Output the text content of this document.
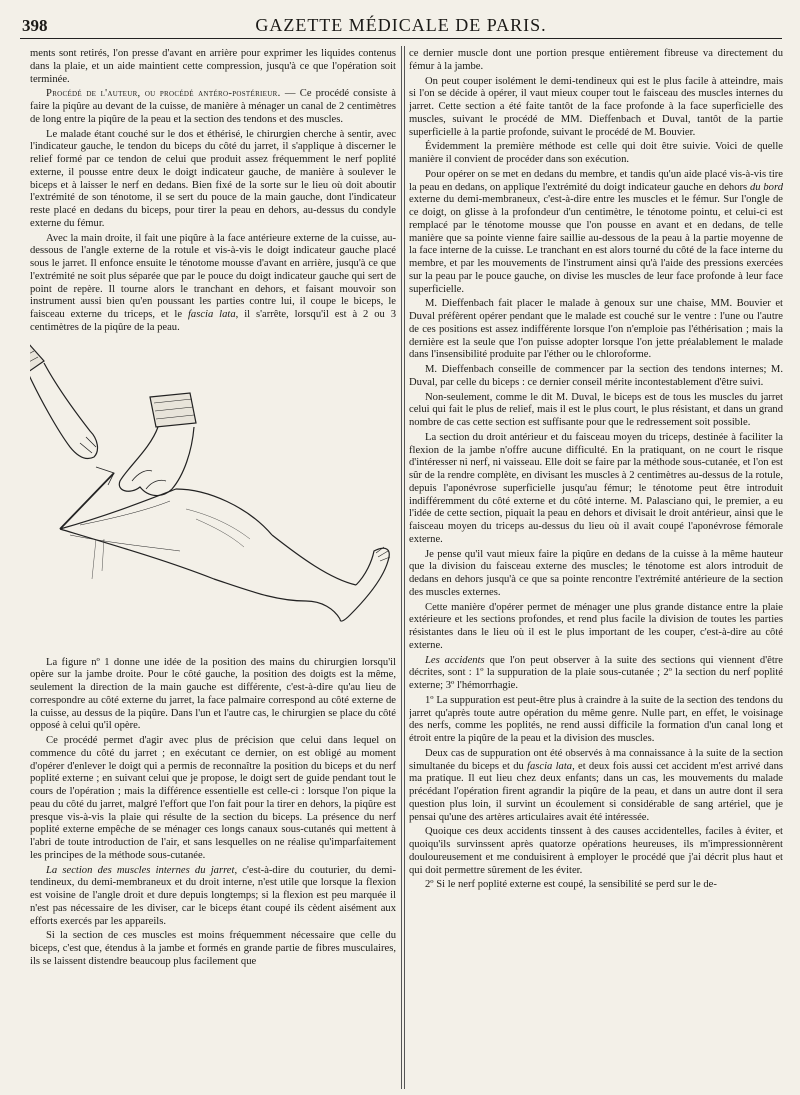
398	GAZETTE MÉDICALE DE PARIS.

ments sont retirés, l'on presse d'avant en arrière pour exprimer les liquides contenus dans la plaie, et un aide maintient cette compression, jusqu'à ce que l'opération soit terminée.

Procédé de l'auteur, ou procédé antéro-postérieur. — Ce procédé consiste à faire la piqûre au devant de la cuisse, de manière à ménager un canal de 2 centimètres de long entre la piqûre de la peau et la section des tendons et des muscles.

Le malade étant couché sur le dos et éthérisé, le chirurgien cherche à sentir, avec l'indicateur gauche, le tendon du biceps du côté du jarret, il s'applique à discerner le relief formé par ce tendon de celui que produit assez fréquemment le nerf poplité externe, il pousse entre deux le doigt indicateur gauche, de manière à soulever le biceps et à laisser le nerf en dedans. Bien fixé de la sorte sur le lieu où doit aboutir l'extrémité de son ténotome, il se sert du pouce de la main gauche, dont l'indicateur reste placé en dedans du biceps, pour tirer la peau en dehors, au-dessus du condyle externe du fémur.

Avec la main droite, il fait une piqûre à la face antérieure externe de la cuisse, au-dessous de l'angle externe de la rotule et vis-à-vis le doigt indicateur gauche placé sous le jarret. Il enfonce ensuite le ténotome mousse d'avant en arrière, jusqu'à ce que l'extrémité ne soit plus séparée que par le pouce du doigt indicateur gauche qui sert de point de repère. Il tourne alors le tranchant en dehors, et faisant mouvoir son instrument aussi bien qu'en poussant les parties contre lui, il coupe le biceps, le faisceau externe du triceps, et le fascia lata, il s'arrête, lorsqu'il est à 2 ou 3 centimètres de la piqûre de la peau.

La figure nº 1 donne une idée de la position des mains du chirurgien lorsqu'il opère sur la jambe droite. Pour le côté gauche, la position des doigts est la même, seulement la direction de la main gauche est différente, c'est-à-dire qu'au lieu de correspondre au côté externe du jarret, la face palmaire correspond au côté externe de la cuisse, au dessus de la piqûre. Dans l'un et l'autre cas, le chirurgien se place du côté opposé à celui qu'il opère.

Ce procédé permet d'agir avec plus de précision que celui dans lequel on commence du côté du jarret ; en exécutant ce dernier, on est obligé au moment d'opérer d'enlever le doigt qui a permis de reconnaître la position du biceps et du nerf poplité externe ; en suivant celui que je propose, le doigt sert de guide pendant tout le cours de l'opération ; mais la différence essentielle est celle-ci : lorsque l'on pique la peau du côté du jarret, malgré l'effort que l'on fait pour la tirer en dehors, la piqûre est presque vis-à-vis la plaie qui résulte de la section du biceps. La présence du nerf poplité externe empêche de se ménager ces longs canaux sous-cutanés qui mettent à l'abri de toute introduction de l'air, et sans lesquelles on ne réalise qu'imparfaitement les principes de la méthode sous-cutanée.

La section des muscles internes du jarret, c'est-à-dire du couturier, du demi-tendineux, du demi-membraneux et du droit interne, n'est utile que lorsque la flexion est voisine de l'angle droit et dure depuis longtemps; si la flexion est peu marquée il n'est pas nécessaire de les diviser, car le biceps étant coupé ils cèdent aisément aux efforts exercés par les appareils.

Si la section de ces muscles est moins fréquemment nécessaire que celle du biceps, c'est que, étendus à la jambe et formés en grande partie de fibres musculaires, ils se laissent distendre beaucoup plus facilement que

ce dernier muscle dont une portion presque entièrement fibreuse va directement du fémur à la jambe.

On peut couper isolément le demi-tendineux qui est le plus facile à atteindre, mais si l'on se décide à opérer, il vaut mieux couper tout le faisceau des muscles internes du jarret. Cette section a été faite tantôt de la face profonde à la face superficielle des muscles, suivant le procédé de MM. Dieffenbach et Duval, tantôt de la partie superficielle à la partie profonde, suivant le procédé de M. Bouvier.

Évidemment la première méthode est celle qui doit être suivie. Voici de quelle manière il convient de procéder dans son exécution.

Pour opérer on se met en dedans du membre, et tandis qu'un aide placé vis-à-vis tire la peau en dedans, on applique l'extrémité du doigt indicateur gauche en dehors du bord externe du demi-membraneux, c'est-à-dire entre les muscles et le fémur. Sur l'ongle de ce doigt, on glisse à la profondeur d'un centimètre, le ténotome pointu, et celui-ci est remplacé par le ténotome mousse que l'on pousse en avant et en dedans, de telle manière que sa pointe vienne faire saillie au-dessous de la peau à la partie moyenne de la face interne de la cuisse. Le tranchant en est alors tourné du côté de la face interne du membre, et par les mouvements de l'instrument ainsi qu'à l'aide des pressions exercées sur la peau par le pouce gauche, on divise les muscles de leur face profonde à leur face superficielle.

M. Dieffenbach fait placer le malade à genoux sur une chaise, MM. Bouvier et Duval préfèrent opérer pendant que le malade est couché sur le ventre : l'une ou l'autre de ces positions est assez indifférente lorsque l'on n'emploie pas l'éthérisation ; mais la dernière est la seule que l'on puisse adopter lorsque l'on jette préalablement le malade dans l'insensibilité produite par l'éther ou le chloroforme.

M. Dieffenbach conseille de commencer par la section des tendons internes; M. Duval, par celle du biceps : ce dernier conseil mérite incontestablement d'être suivi.

Non-seulement, comme le dit M. Duval, le biceps est de tous les muscles du jarret celui qui fait le plus de relief, mais il est le plus court, le plus résistant, et dans un grand nombre de cas cette section est suffisante pour que le redressement soit possible.

La section du droit antérieur et du faisceau moyen du triceps, destinée à faciliter la flexion de la jambe n'offre aucune difficulté. En la pratiquant, on ne court le risque d'intéresser ni nerf, ni vaisseau. Elle doit se faire par la méthode sous-cutanée, et l'on est sûr de la rendre complète, en divisant les muscles à 2 centimètres au-dessus de la rotule, depuis l'aponévrose superficielle jusqu'au fémur; le ténotome peut être introduit indifféremment du côté externe et du côté interne. M. Palasciano qui, le premier, a eu l'idée de cette section, piquait la peau en dehors et divisait le droit antérieur, ainsi que le faisceau moyen du triceps au-dessus du lieu où il avait coupé l'aponévrose fémorale externe.

Je pense qu'il vaut mieux faire la piqûre en dedans de la cuisse à la même hauteur que la division du faisceau externe des muscles; le ténotome est alors introduit de dedans en dehors jusqu'à ce que sa pointe rencontre l'extrémité antérieure de la section des muscles externes.

Cette manière d'opérer permet de ménager une plus grande distance entre la plaie extérieure et les sections profondes, et rend plus facile la division de toutes les parties résistantes dans le lieu où il est le plus important de les couper, c'est-à-dire au côté externe.

Les accidents que l'on peut observer à la suite des sections qui viennent d'être décrites, sont : 1º la suppuration de la plaie sous-cutanée ; 2º la section du nerf poplité externe; 3º l'hémorrhagie.

1º La suppuration est peut-être plus à craindre à la suite de la section des tendons du jarret qu'après toute autre opération du même genre. Nulle part, en effet, le voisinage des nerfs, comme les poplités, ne rend aussi difficile la formation d'un canal long et étroit entre la piqûre de la peau et la division des muscles.

Deux cas de suppuration ont été observés à ma connaissance à la suite de la section simultanée du biceps et du fascia lata, et deux fois aussi cet accident m'est arrivé dans ma pratique. Il eut lieu chez deux enfants; dans un cas, les mouvements du malade précédant l'opération firent agrandir la piqûre de la peau, et dans un autre dont il sera question plus loin, il survint un écoulement si considérable de sang artériel, que je pensai qu'une des artères articulaires avait été intéressée.

Quoique ces deux accidents tinssent à des causes accidentelles, faciles à éviter, et quoiqu'ils survinssent après quatorze opérations heureuses, ils m'impressionnèrent douloureusement et me conduisirent à employer le procédé que j'ai décrit plus haut et qui doit permettre sûrement de les éviter.

2º Si le nerf poplité externe est coupé, la sensibilité se perd sur le de-
